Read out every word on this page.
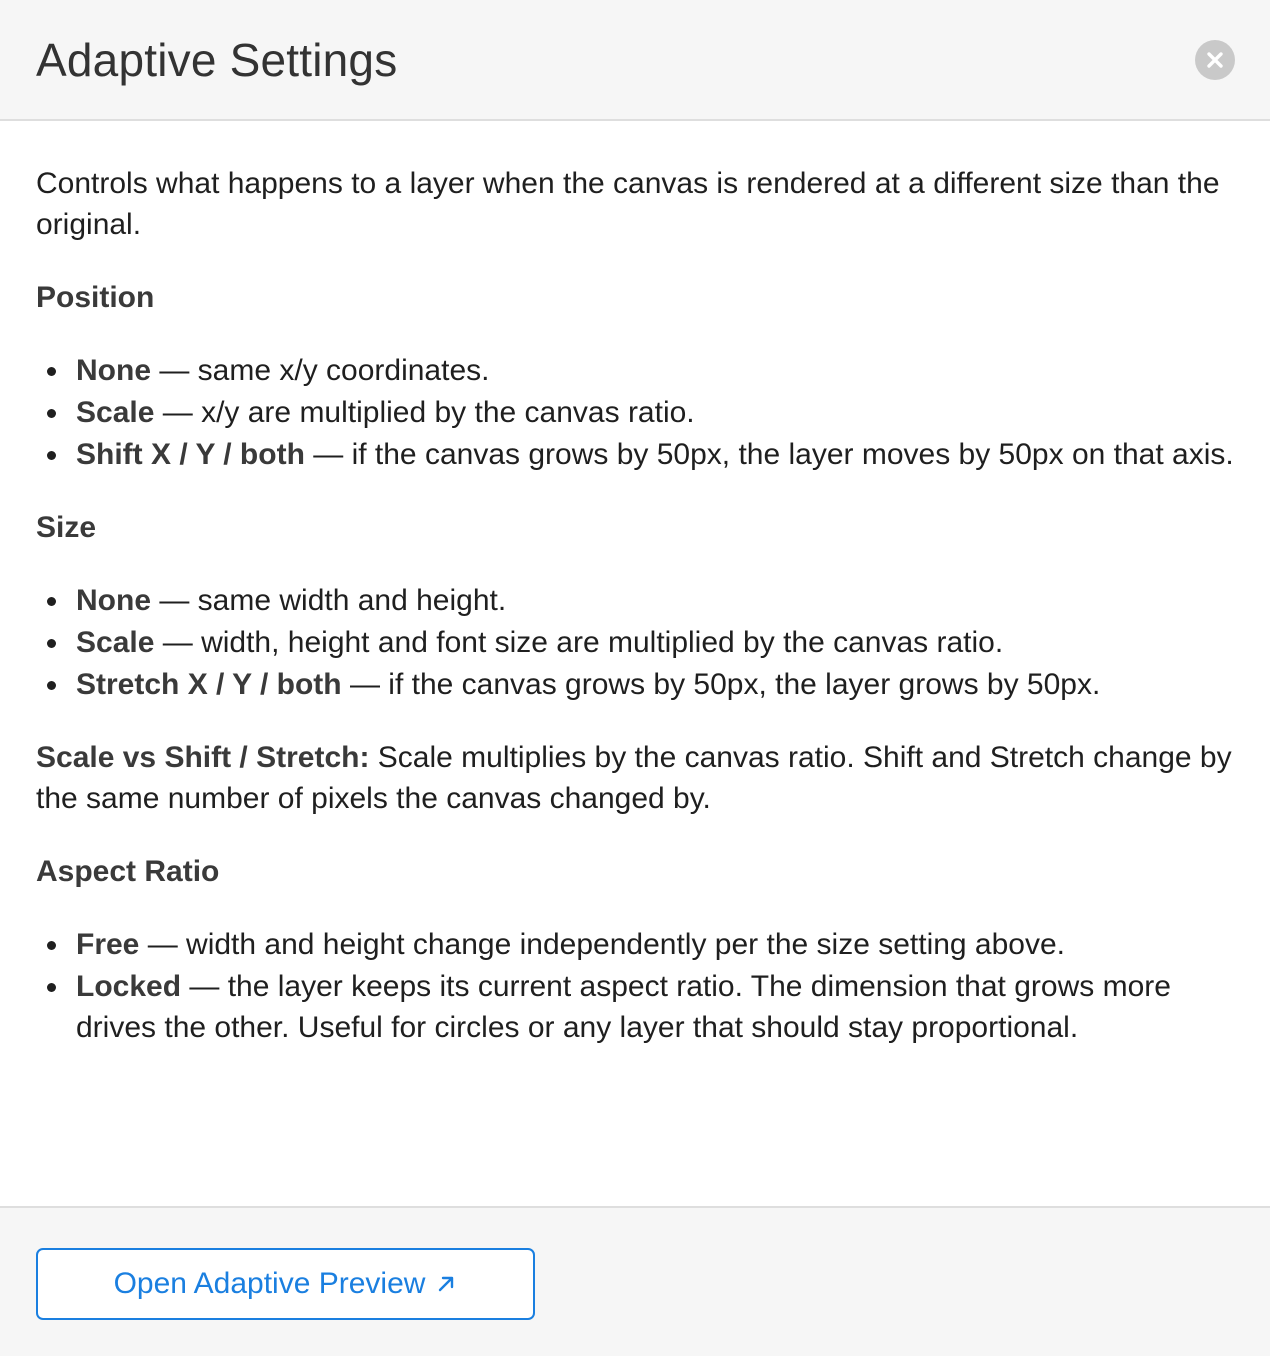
Adaptive Settings

Controls what happens to a layer when the canvas is rendered at a different size than the original.

Position
None — same x/y coordinates.
Scale — x/y are multiplied by the canvas ratio.
Shift X / Y / both — if the canvas grows by 50px, the layer moves by 50px on that axis.
Size
None — same width and height.
Scale — width, height and font size are multiplied by the canvas ratio.
Stretch X / Y / both — if the canvas grows by 50px, the layer grows by 50px.

Scale vs Shift / Stretch: Scale multiplies by the canvas ratio. Shift and Stretch change by the same number of pixels the canvas changed by.

Aspect Ratio
Free — width and height change independently per the size setting above.
Locked — the layer keeps its current aspect ratio. The dimension that grows more drives the other. Useful for circles or any layer that should stay proportional.
Open Adaptive Preview
